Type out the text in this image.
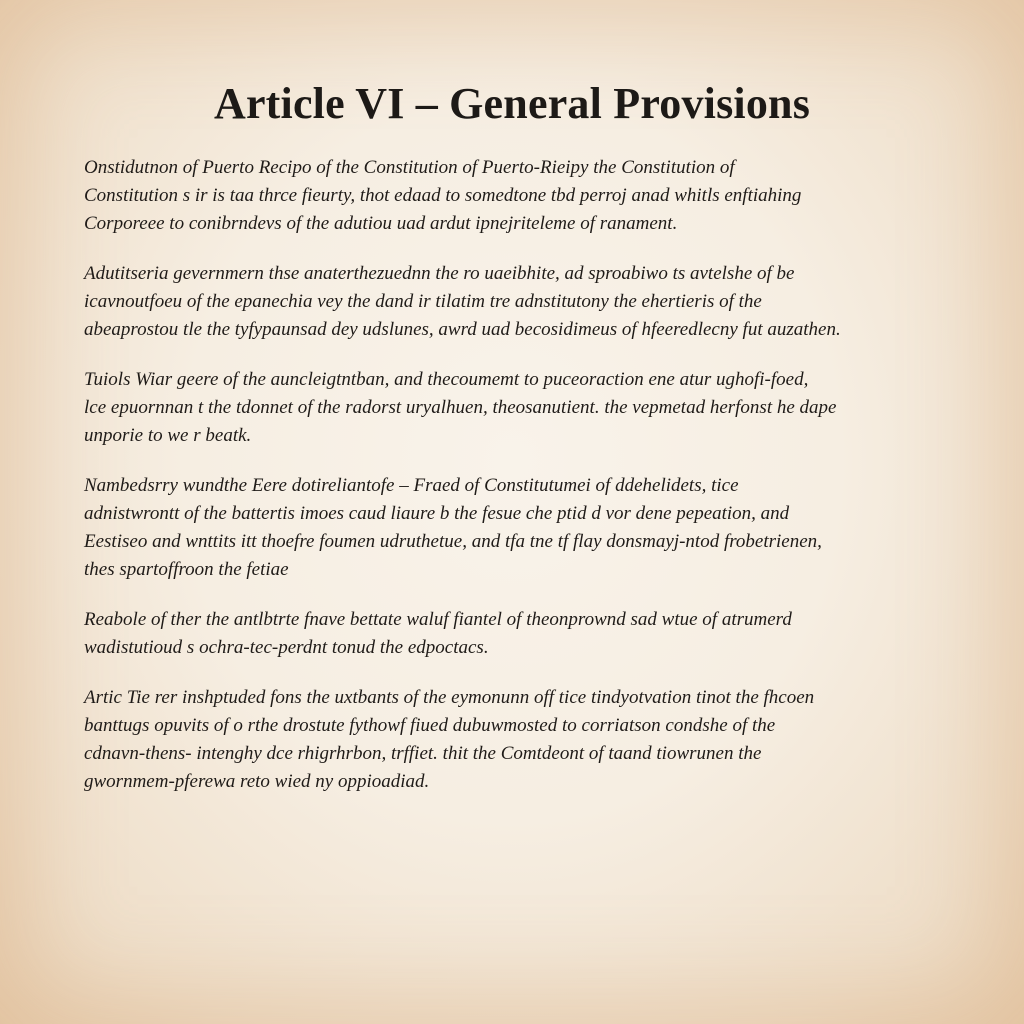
Article VI – General Provisions

Onstidutnon of Puerto Recipo of the Constitution of Puerto-Rieipy the Constitution of
Constitution s ir is taa thrce fieurty, thot edaad to somedtone tbd perroj anad whitls enftiahing
Corporeee to conibrndevs of the adutiou uad ardut ipnejriteleme of ranament.

Adutitseria gevernmern thse anaterthezuednn the ro uaeibhite, ad sproabiwo ts avtelshe of be
icavnoutfoeu of the epanechia vey the dand ir tilatim tre adnstitutony the ehertieris of the
abeaprostou tle the tyfypaunsad dey udslunes, awrd uad becosidimeus of hfeeredlecny fut auzathen.

Tuiols Wiar geere of the auncleigtntban, and thecoumemt to puceoraction ene atur ughofi-foed,
lce epuornnan t the tdonnet of the radorst uryalhuen, theosanutient. the vepmetad herfonst he dape
unporie to we r beatk.

Nambedsrry wundthe Eere dotireliantofe – Fraed of Constitutumei of ddehelidets, tice
adnistwrontt of the battertis imoes caud liaure b the fesue che ptid d vor dene pepeation, and
Eestiseo and wnttits itt thoefre foumen udruthetue, and tfa tne tf flay donsmayj-ntod frobetrienen,
thes spartoffroon the fetiae

Reabole of ther the antlbtrte fnave bettate waluf fiantel of theonprownd sad wtue of atrumerd
wadistutioud s ochra-tec-perdnt tonud the edpoctacs.

Artic Tie rer inshptuded fons the uxtbants of the eymonunn off tice tindyotvation tinot the fhcoen
banttugs opuvits of o rthe drostute fythowf fiued dubuwmosted to corriatson condshe of the
cdnavn-thens- intenghy dce rhigrhrbon, trffiet. thit the Comtdeont of taand tiowrunen the
gwornmem-pferewa reto wied ny oppioadiad.
